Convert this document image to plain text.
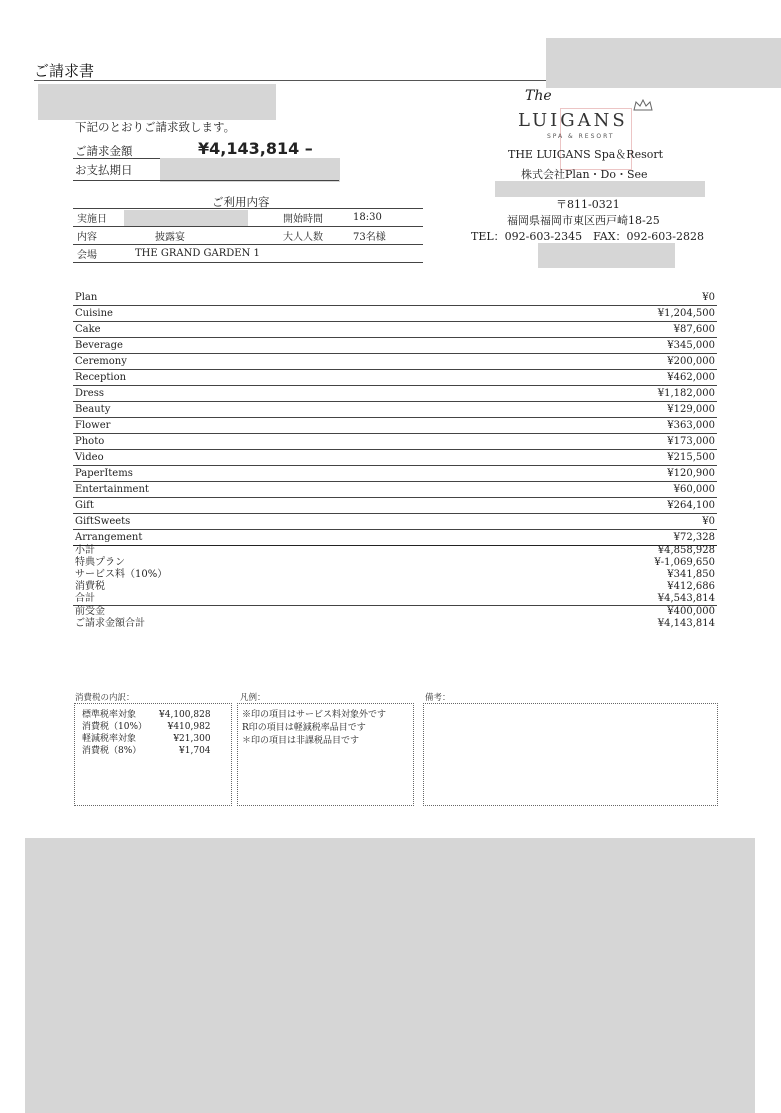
ご請求書
下記のとおりご請求致します。
ご請求金額	¥4,143,814 –
お支払期日
ご利用内容
実施日		開始時間	18:30
内容	披露宴	大人人数	73名様
会場	THE GRAND GARDEN 1		
The
LUIGANS
SPA & RESORT
THE LUIGANS Spa＆Resort
株式会社Plan・Do・See
〒811-0321
福岡県福岡市東区西戸崎18-25
TEL：092-603-2345　FAX：092-603-2828
Plan	¥0
Cuisine	¥1,204,500
Cake	¥87,600
Beverage	¥345,000
Ceremony	¥200,000
Reception	¥462,000
Dress	¥1,182,000
Beauty	¥129,000
Flower	¥363,000
Photo	¥173,000
Video	¥215,500
PaperItems	¥120,900
Entertainment	¥60,000
Gift	¥264,100
GiftSweets	¥0
Arrangement	¥72,328
小計	¥4,858,928
特典プラン	¥-1,069,650
サービス料（10%）	¥341,850
消費税	¥412,686
合計	¥4,543,814
前受金	¥400,000
ご請求金額合計	¥4,143,814
消費税の内訳：
標準税率対象	¥4,100,828
消費税（10%）	¥410,982
軽減税率対象	¥21,300
消費税（8%）	¥1,704
凡例：
※印の項目はサービス料対象外です
R印の項目は軽減税率品目です
＊印の項目は非課税品目です
備考：
